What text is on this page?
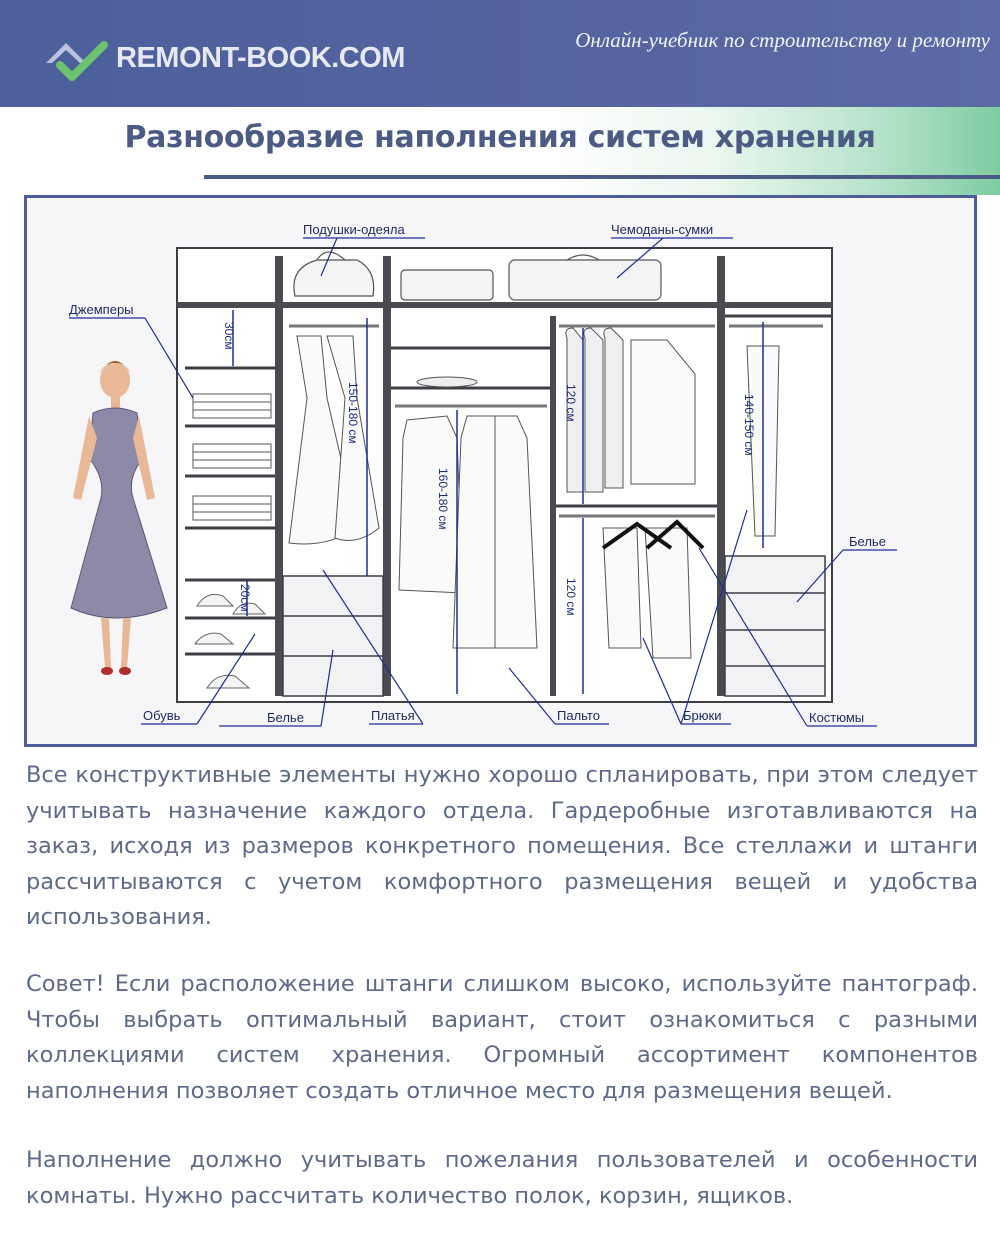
REMONT-BOOK.COM
Онлайн-учебник по строительству и ремонту
Разнообразие наполнения систем хранения
30см
20см
150-180 см
160-180 см
120 см
120 см
140-150 см
Подушки-одеяла	Чемоданы-сумки
Джемперы
Белье
Обувь	Белье	Платья	Пальто	Брюки	Костюмы

Все конструктивные элементы нужно хорошо спланировать, при этом следует учитывать назначение каждого отдела. Гардеробные изготавливаются на заказ, исходя из размеров конкретного помещения. Все стеллажи и штанги рассчитываются с учетом комфортного размещения вещей и удобства использования.

Совет! Если расположение штанги слишком высоко, используйте пантограф. Чтобы выбрать оптимальный вариант, стоит ознакомиться с разными коллекциями систем хранения. Огромный ассортимент компонентов наполнения позволяет создать отличное место для размещения вещей.

Наполнение должно учитывать пожелания пользователей и особенности комнаты. Нужно рассчитать количество полок, корзин, ящиков.
